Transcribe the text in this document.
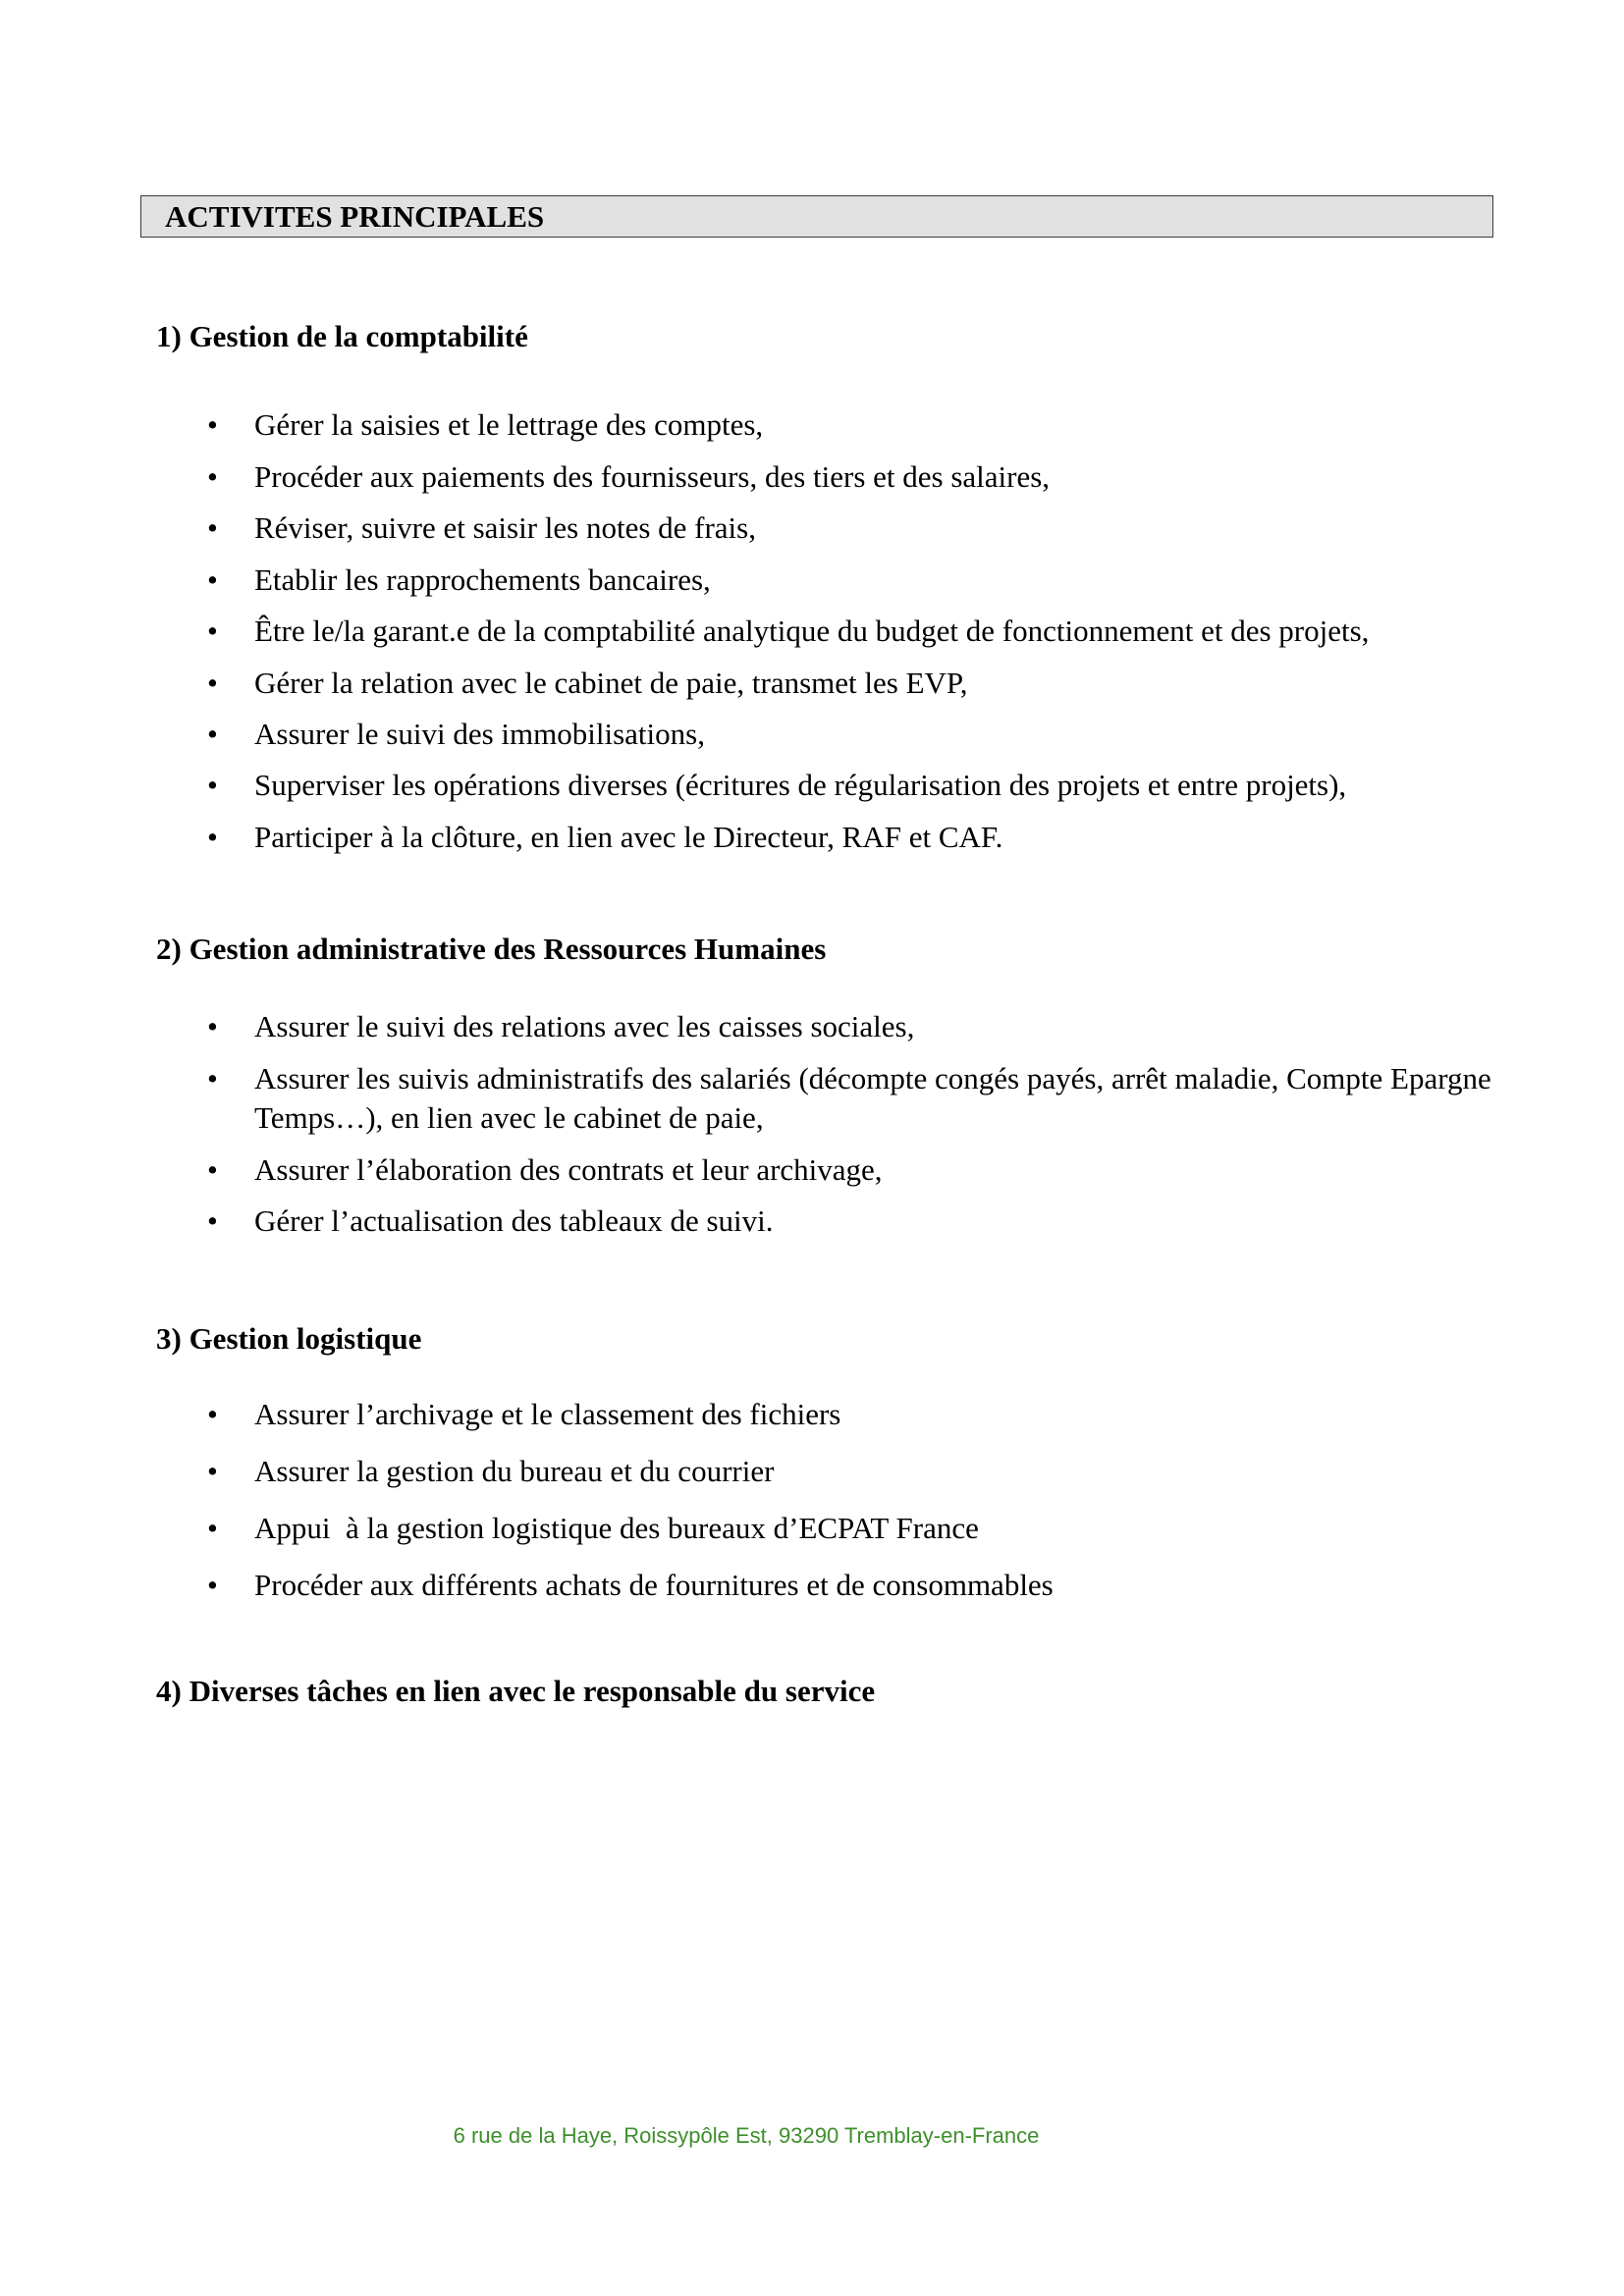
ACTIVITES PRINCIPALES
1) Gestion de la comptabilité
•	Gérer la saisies et le lettrage des comptes,
•	Procéder aux paiements des fournisseurs, des tiers et des salaires,
•	Réviser, suivre et saisir les notes de frais,
•	Etablir les rapprochements bancaires,
•	Être le/la garant.e de la comptabilité analytique du budget de fonctionnement et des projets,
•	Gérer la relation avec le cabinet de paie, transmet les EVP,
•	Assurer le suivi des immobilisations,
•	Superviser les opérations diverses (écritures de régularisation des projets et entre projets),
•	Participer à la clôture, en lien avec le Directeur, RAF et CAF.
2) Gestion administrative des Ressources Humaines
•	Assurer le suivi des relations avec les caisses sociales,
•	Assurer les suivis administratifs des salariés (décompte congés payés, arrêt maladie, Compte Epargne Temps…), en lien avec le cabinet de paie,
•	Assurer l’élaboration des contrats et leur archivage,
•	Gérer l’actualisation des tableaux de suivi.
3) Gestion logistique
•	Assurer l’archivage et le classement des fichiers
•	Assurer la gestion du bureau et du courrier
•	Appui  à la gestion logistique des bureaux d’ECPAT France
•	Procéder aux différents achats de fournitures et de consommables
4) Diverses tâches en lien avec le responsable du service
6 rue de la Haye, Roissypôle Est, 93290 Tremblay-en-France
